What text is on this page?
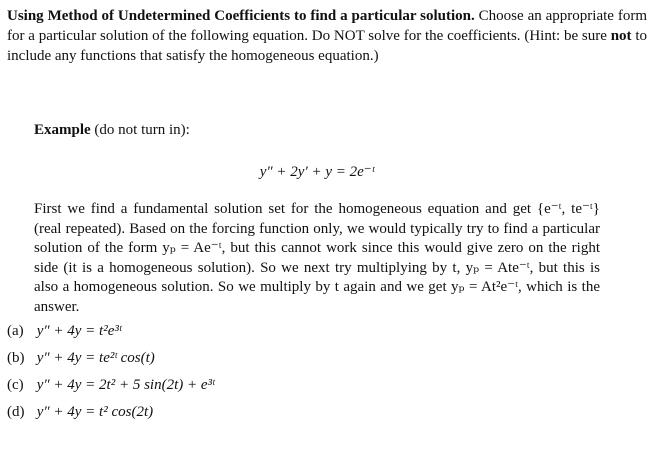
Using Method of Undetermined Coefficients to find a particular solution. Choose an appropriate form for a particular solution of the following equation. Do NOT solve for the coefficients. (Hint: be sure not to include any functions that satisfy the homogeneous equation.)
Example (do not turn in):
y″ + 2y′ + y = 2e⁻ᵗ
First we find a fundamental solution set for the homogeneous equation and get {e⁻ᵗ, te⁻ᵗ} (real repeated). Based on the forcing function only, we would typically try to find a particular solution of the form yₚ = Ae⁻ᵗ, but this cannot work since this would give zero on the right side (it is a homogeneous solution). So we next try multiplying by t, yₚ = Ate⁻ᵗ, but this is also a homogeneous solution. So we multiply by t again and we get yₚ = At²e⁻ᵗ, which is the answer.
(a) y″ + 4y = t²e³ᵗ
(b) y″ + 4y = te²ᵗ cos(t)
(c) y″ + 4y = 2t² + 5 sin(2t) + e³ᵗ
(d) y″ + 4y = t² cos(2t)
